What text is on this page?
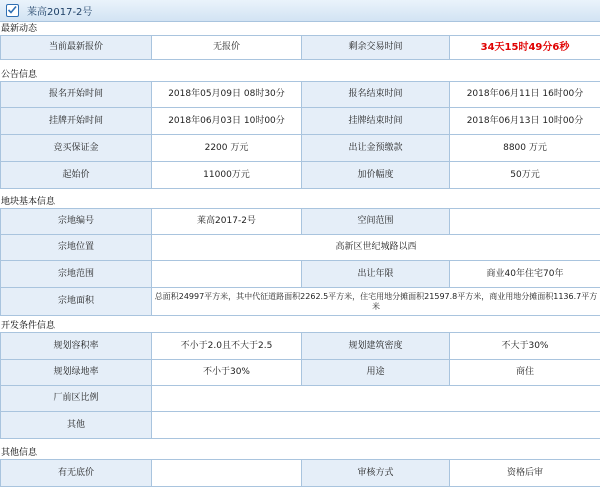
莱高2017-2号
最新动态
当前最新报价	无报价	剩余交易时间	34天15时49分6秒
公告信息
报名开始时间	2018年05月09日 08时30分	报名结束时间	2018年06月11日 16时00分
挂牌开始时间	2018年06月03日 10时00分	挂牌结束时间	2018年06月13日 10时00分
竞买保证金	2200 万元	出让金预缴款	8800 万元
起始价	11000万元	加价幅度	50万元
地块基本信息
宗地编号	莱高2017-2号	空间范围	
宗地位置	高新区世纪城路以西		
宗地范围		出让年限	商业40年住宅70年
宗地面积	总面积24997平方米，其中代征道路面积2262.5平方米，住宅用地分摊面积21597.8平方米，商业用地分摊面积1136.7平方米		
开发条件信息
规划容积率	不小于2.0且不大于2.5	规划建筑密度	不大于30%
规划绿地率	不小于30%	用途	商住
厂前区比例			
其他			
其他信息
有无底价		审核方式	资格后审
